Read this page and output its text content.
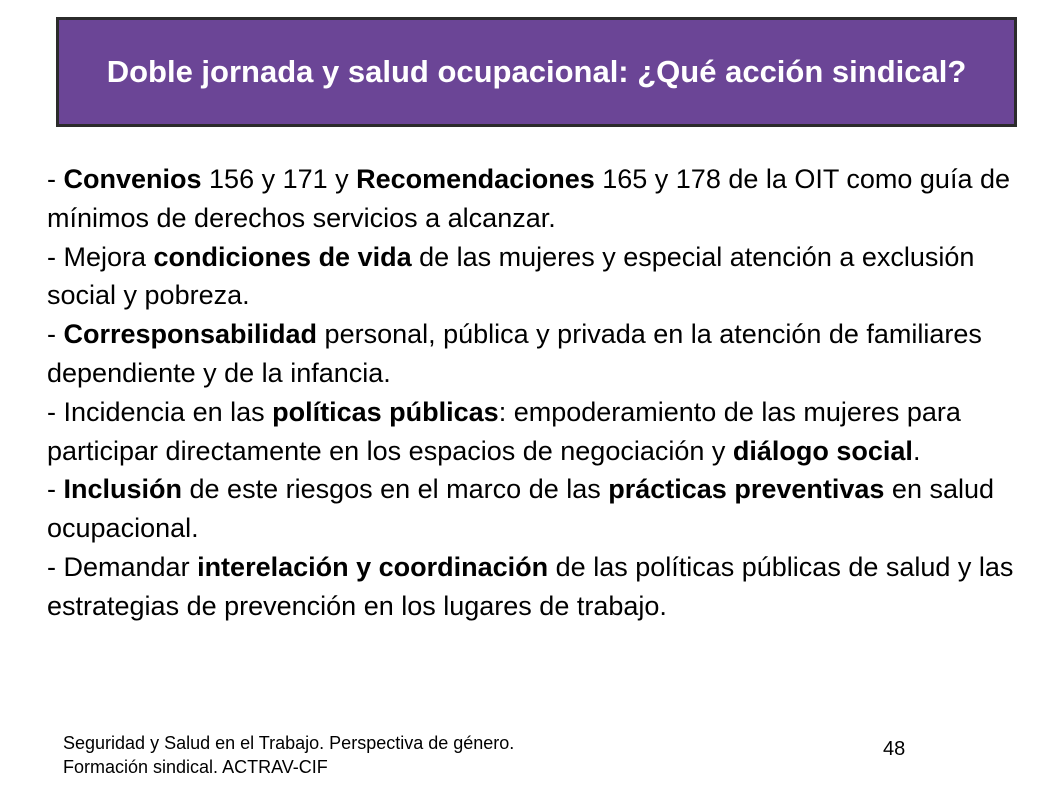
Doble jornada y salud ocupacional: ¿Qué acción sindical?

- Convenios 156 y 171 y Recomendaciones 165 y 178 de la OIT como guía de mínimos de derechos servicios a alcanzar.

- Mejora condiciones de vida de las mujeres y especial atención a exclusión social y pobreza.

- Corresponsabilidad personal, pública y privada en la atención de familiares dependiente y de la infancia.

- Incidencia en las políticas públicas: empoderamiento de las mujeres para participar directamente en los espacios de negociación y diálogo social.

- Inclusión de este riesgos en el marco de las prácticas preventivas en salud ocupacional.

- Demandar interelación y coordinación de las políticas públicas de salud y las estrategias de prevención en los lugares de trabajo.

Seguridad y Salud en el Trabajo. Perspectiva de género.
Formación sindical. ACTRAV-CIF
48
